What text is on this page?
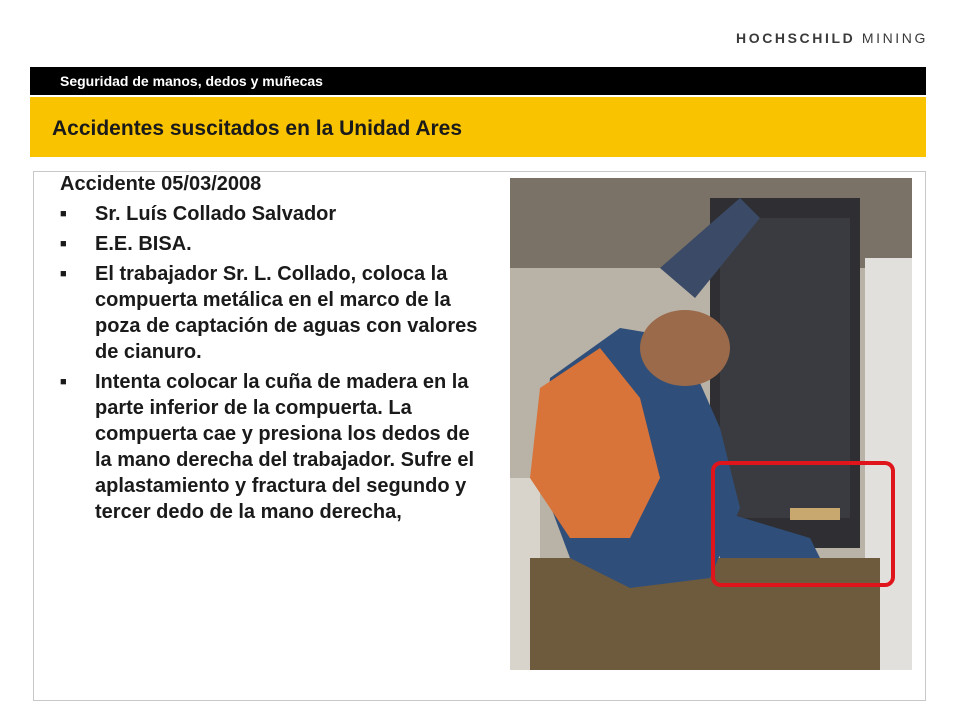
HOCHSCHILD MINING
Seguridad de manos, dedos y muñecas
Accidentes suscitados en la Unidad Ares
Accidente 05/03/2008
■ Sr. Luís Collado Salvador
■ E.E. BISA.
■ El trabajador Sr. L. Collado, coloca la compuerta metálica en el marco de la poza de captación de aguas con valores de cianuro.
■ Intenta colocar la cuña de madera en la parte inferior de la compuerta. La compuerta cae y presiona los dedos de la mano derecha del trabajador. Sufre el aplastamiento y fractura del segundo y tercer dedo de la mano derecha,
